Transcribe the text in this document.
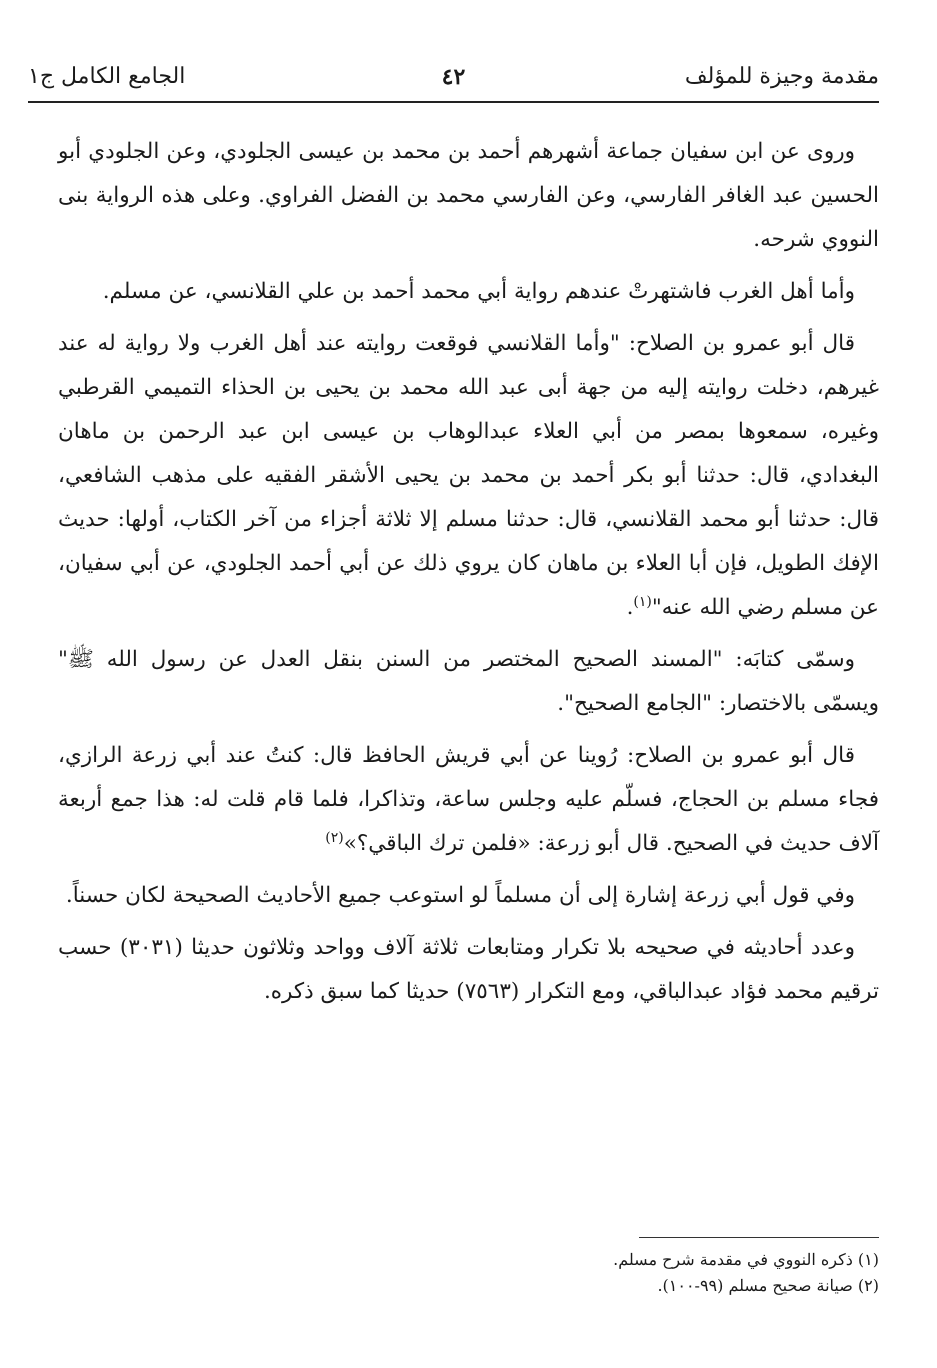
مقدمة وجيزة للمؤلف
٤٢
الجامع الكامل ج١

وروى عن ابن سفيان جماعة أشهرهم أحمد بن محمد بن عيسى الجلودي، وعن الجلودي أبو الحسين عبد الغافر الفارسي، وعن الفارسي محمد بن الفضل الفراوي. وعلى هذه الرواية بنى النووي شرحه.

وأما أهل الغرب فاشتهرتْ عندهم رواية أبي محمد أحمد بن علي القلانسي، عن مسلم.

قال أبو عمرو بن الصلاح: "وأما القلانسي فوقعت روايته عند أهل الغرب ولا رواية له عند غيرهم، دخلت روايته إليه من جهة أبى عبد الله محمد بن يحيى بن الحذاء التميمي القرطبي وغيره، سمعوها بمصر من أبي العلاء عبدالوهاب بن عيسى ابن عبد الرحمن بن ماهان البغدادي، قال: حدثنا أبو بكر أحمد بن محمد بن يحيى الأشقر الفقيه على مذهب الشافعي، قال: حدثنا أبو محمد القلانسي، قال: حدثنا مسلم إلا ثلاثة أجزاء من آخر الكتاب، أولها: حديث الإفك الطويل، فإن أبا العلاء بن ماهان كان يروي ذلك عن أبي أحمد الجلودي، عن أبي سفيان، عن مسلم رضي الله عنه"$^{(١)}$.

وسمّى كتابَه: "المسند الصحيح المختصر من السنن بنقل العدل عن رسول الله ﷺ" ويسمّى بالاختصار: "الجامع الصحيح".

قال أبو عمرو بن الصلاح: رُوينا عن أبي قريش الحافظ قال: كنتُ عند أبي زرعة الرازي، فجاء مسلم بن الحجاج، فسلّم عليه وجلس ساعة، وتذاكرا، فلما قام قلت له: هذا جمع أربعة آلاف حديث في الصحيح. قال أبو زرعة: «فلمن ترك الباقي؟»$^{(٢)}$

وفي قول أبي زرعة إشارة إلى أن مسلماً لو استوعب جميع الأحاديث الصحيحة لكان حسناً.

وعدد أحاديثه في صحيحه بلا تكرار ومتابعات ثلاثة آلاف وواحد وثلاثون حديثا (٣٠٣١) حسب ترقيم محمد فؤاد عبدالباقي، ومع التكرار (٧٥٦٣) حديثا كما سبق ذكره.

(١) ذكره النووي في مقدمة شرح مسلم.
(٢) صيانة صحيح مسلم (٩٩-١٠٠).
